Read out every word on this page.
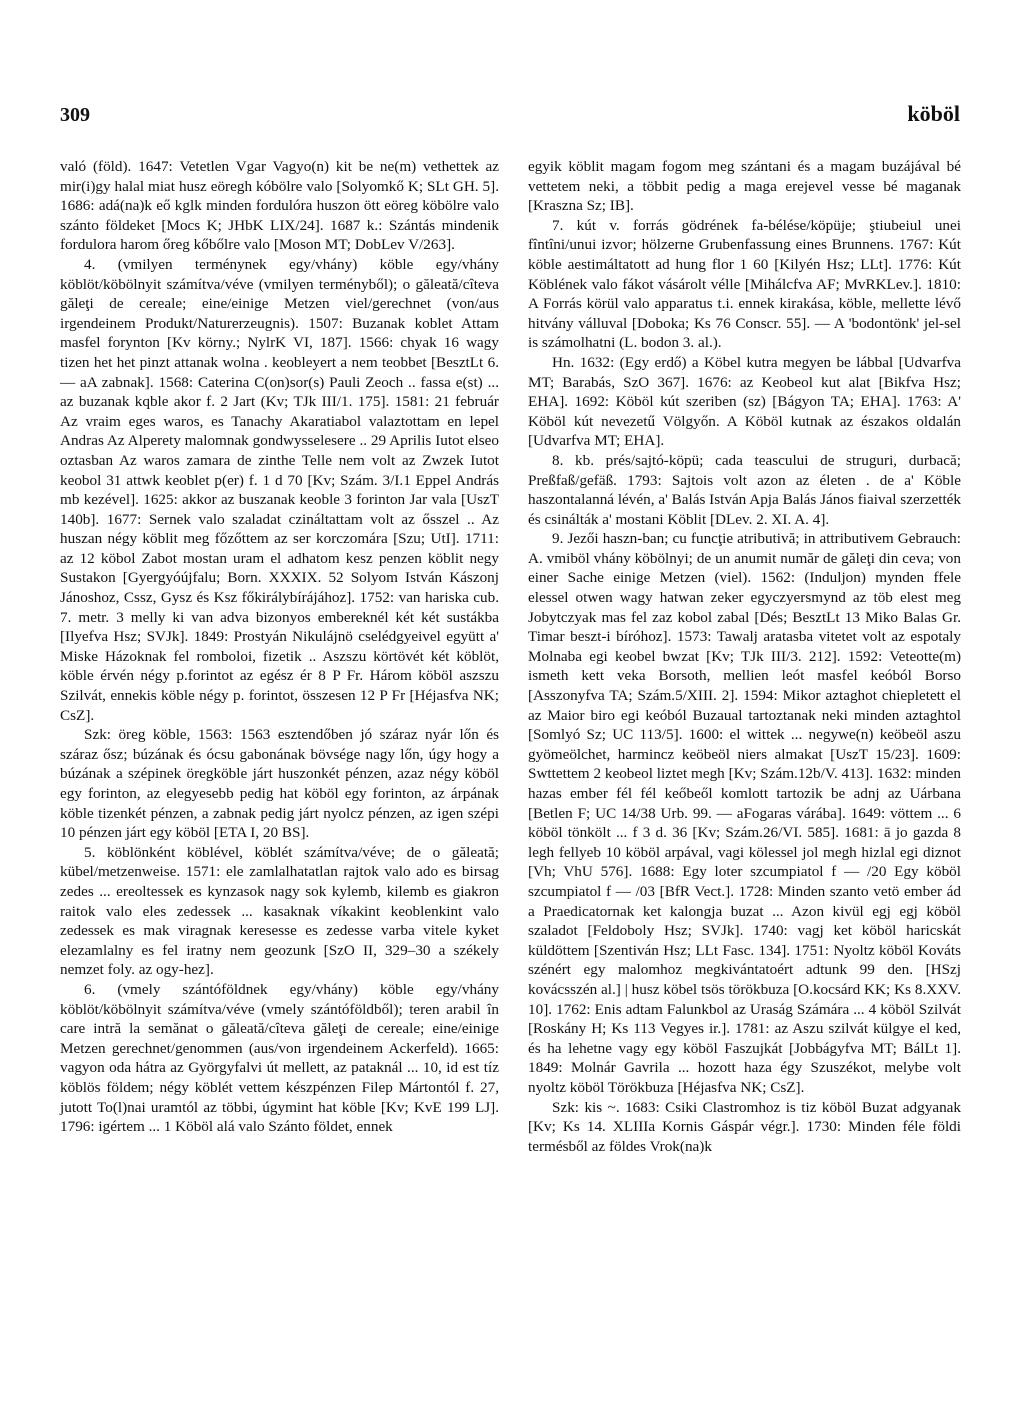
309	köböl

való (föld). 1647: Vetetlen Vgar Vagyo(n) kit be ne(m) vethettek az mir(i)gy halal miat husz eöregh kóbölre valo [Solyomkő K; SLt GH. 5]. 1686: adá(na)k eő kglk minden fordulóra huszon ött eöreg köbölre valo szánto földeket [Mocs K; JHbK LIX/24]. 1687 k.: Szántás mindenik fordulora harom őreg kőbőlre valo [Moson MT; DobLev V/263].

4. (vmilyen terménynek egy/vhány) köble egy/vhány köblöt/köbölnyit számítva/véve (vmilyen terményből); o găleată/cîteva găleţi de cereale; eine/einige Metzen viel/gerechnet (von/aus irgendeinem Produkt/Naturerzeugnis). 1507: Buzanak koblet Attam masfel forynton [Kv körny.; NylrK VI, 187]. 1566: chyak 16 wagy tizen het het pinzt attanak wolna . keobleyert a nem teobbet [BesztLt 6. — aA zabnak]. 1568: Caterina C(on)sor(s) Pauli Zeoch .. fassa e(st) ... az buzanak kqble akor f. 2 Jart (Kv; TJk III/1. 175]. 1581: 21 február Az vraim eges waros, es Tanachy Akaratiabol valaztottam en lepel Andras Az Alperety malomnak gondwysselesere .. 29 Aprilis Iutot elseo oztasban Az waros zamara de zinthe Telle nem volt az Zwzek Iutot keobol 31 attwk keoblet p(er) f. 1 d 70 [Kv; Szám. 3/I.1 Eppel András mb kezével]. 1625: akkor az buszanak keoble 3 forinton Jar vala [UszT 140b]. 1677: Sernek valo szaladat czináltattam volt az ősszel .. Az huszan négy köblit meg főzőttem az ser korczomára [Szu; UtI]. 1711: az 12 köbol Zabot mostan uram el adhatom kesz penzen köblit negy Sustakon [Gyergyóújfalu; Born. XXXIX. 52 Solyom István Kászonj Jánoshoz, Cssz, Gysz és Ksz főkirálybírájához]. 1752: van hariska cub. 7. metr. 3 melly ki van adva bizonyos embereknél két két sustákba [Ilyefva Hsz; SVJk]. 1849: Prostyán Nikulájnö cselédgyeivel együtt a' Miske Házoknak fel romboloi, fizetik .. Aszszu körtövét két köblöt, köble érvén négy p.forintot az egész ér 8 P Fr. Három köböl aszszu Szilvát, ennekis köble négy p. forintot, összesen 12 P Fr [Héjasfva NK; CsZ].

Szk: öreg köble, 1563: 1563 esztendőben jó száraz nyár lőn és száraz ősz; búzának és ócsu gabonának bövsége nagy lőn, úgy hogy a búzának a szépinek öregköble járt huszonkét pénzen, azaz négy köböl egy forinton, az elegyesebb pedig hat köböl egy forinton, az árpának köble tizenkét pénzen, a zabnak pedig járt nyolcz pénzen, az igen szépi 10 pénzen járt egy köböl [ETA I, 20 BS].

5. köblönként köblével, köblét számítva/véve; de o găleată; kübel/metzenweise. 1571: ele zamlalhatatlan rajtok valo ado es birsag zedes ... ereoltessek es kynzasok nagy sok kylemb, kilemb es giakron raitok valo eles zedessek ... kasaknak víkakint keoblenkint valo zedessek es mak viragnak keresesse es zedesse varba vitele kyket elezamlalny es fel iratny nem geozunk [SzO II, 329–30 a székely nemzet foly. az ogy-hez].

6. (vmely szántóföldnek egy/vhány) köble egy/vhány köblöt/köbölnyit számítva/véve (vmely szántóföldből); teren arabil în care intră la semănat o găleată/cîteva găleţi de cereale; eine/einige Metzen gerechnet/genommen (aus/von irgendeinem Ackerfeld). 1665: vagyon oda hátra az Györgyfalvi út mellett, az pataknál ... 10, id est tíz köblös földem; négy köblét vettem készpénzen Filep Mártontól f. 27, jutott To(l)nai uramtól az többi, úgymint hat köble [Kv; KvE 199 LJ]. 1796: igértem ... 1 Köböl alá valo Szánto földet, ennek

egyik köblit magam fogom meg szántani és a magam buzájával bé vettetem neki, a többit pedig a maga erejevel vesse bé maganak [Kraszna Sz; IB].

7. kút v. forrás gödrének fa-bélése/köpüje; ştiubeiul unei fîntîni/unui izvor; hölzerne Grubenfassung eines Brunnens. 1767: Kút köble aestimáltatott ad hung flor 1 60 [Kilyén Hsz; LLt]. 1776: Kút Köblének valo fákot vásárolt vélle [Mihálcfva AF; MvRKLev.]. 1810: A Forrás körül valo apparatus t.i. ennek kirakása, köble, mellette lévő hitvány válluval [Doboka; Ks 76 Conscr. 55]. — A 'bodontönk' jel-sel is számolhatni (L. bodon 3. al.).

Hn. 1632: (Egy erdő) a Köbel kutra megyen be lábbal [Udvarfva MT; Barabás, SzO 367]. 1676: az Keobeol kut alat [Bikfva Hsz; EHA]. 1692: Köböl kút szeriben (sz) [Bágyon TA; EHA]. 1763: A' Köböl kút nevezetű Völgyőn. A Köböl kutnak az északos oldalán [Udvarfva MT; EHA].

8. kb. prés/sajtó-köpü; cada teascului de struguri, durbacă; Preßfaß/gefäß. 1793: Sajtois volt azon az életen . de a' Köble haszontalanná lévén, a' Balás István Apja Balás János fiaival szerzették és csinálták a' mostani Köblit [DLev. 2. XI. A. 4].

9. Jezői haszn-ban; cu funcţie atributivă; in attributivem Gebrauch: A. vmiböl vhány köbölnyi; de un anumit număr de găleţi din ceva; von einer Sache einige Metzen (viel). 1562: (Induljon) mynden ffele elessel otwen wagy hatwan zeker egyczyersmynd az töb elest meg Jobytczyak mas fel zaz kobol zabal [Dés; BesztLt 13 Miko Balas Gr. Timar beszt-i bíróhoz]. 1573: Tawalj aratasba vitetet volt az espotaly Molnaba egi keobel bwzat [Kv; TJk III/3. 212]. 1592: Veteotte(m) ismeth kett veka Borsoth, mellien leót masfel keóból Borso [Asszonyfva TA; Szám.5/XIII. 2]. 1594: Mikor aztaghot chiepletett el az Maior biro egi keóból Buzaual tartoztanak neki minden aztaghtol [Somlyó Sz; UC 113/5]. 1600: el wittek ... negywe(n) keöbeöl aszu gyömeölchet, harmincz keöbeöl niers almakat [UszT 15/23]. 1609: Swttettem 2 keobeol liztet megh [Kv; Szám.12b/V. 413]. 1632: minden hazas ember fél fél keőbeől komlott tartozik be adnj az Uárbana [Betlen F; UC 14/38 Urb. 99. — aFogaras várába]. 1649: vöttem ... 6 köböl tönkölt ... f 3 d. 36 [Kv; Szám.26/VI. 585]. 1681: ā jo gazda 8 legh fellyeb 10 köböl arpával, vagi kölessel jol megh hizlal egi diznot [Vh; VhU 576]. 1688: Egy loter szcumpiatol f — /20 Egy köböl szcumpiatol f — /03 [BfR Vect.]. 1728: Minden szanto vetö ember ád a Praedicatornak ket kalongja buzat ... Azon kivül egj egj köböl szaladot [Feldoboly Hsz; SVJk]. 1740: vagj ket köböl haricskát küldöttem [Szentiván Hsz; LLt Fasc. 134]. 1751: Nyoltz köböl Kováts szénért egy malomhoz megkivántatoért adtunk 99 den. [HSzj kovácsszén al.] | husz köbel tsös törökbuza [O.kocsárd KK; Ks 8.XXV. 10]. 1762: Enis adtam Falunkbol az Uraság Számára ... 4 köböl Szilvát [Roskány H; Ks 113 Vegyes ir.]. 1781: az Aszu szilvát külgye el ked, és ha lehetne vagy egy köböl Faszujkát [Jobbágyfva MT; BálLt 1]. 1849: Molnár Gavrila ... hozott haza égy Szuszékot, melybe volt nyoltz köböl Törökbuza [Héjasfva NK; CsZ].

Szk: kis ~. 1683: Csiki Clastromhoz is tiz köböl Buzat adgyanak [Kv; Ks 14. XLIIIa Kornis Gáspár végr.]. 1730: Minden féle földi termésből az földes Vrok(na)k
